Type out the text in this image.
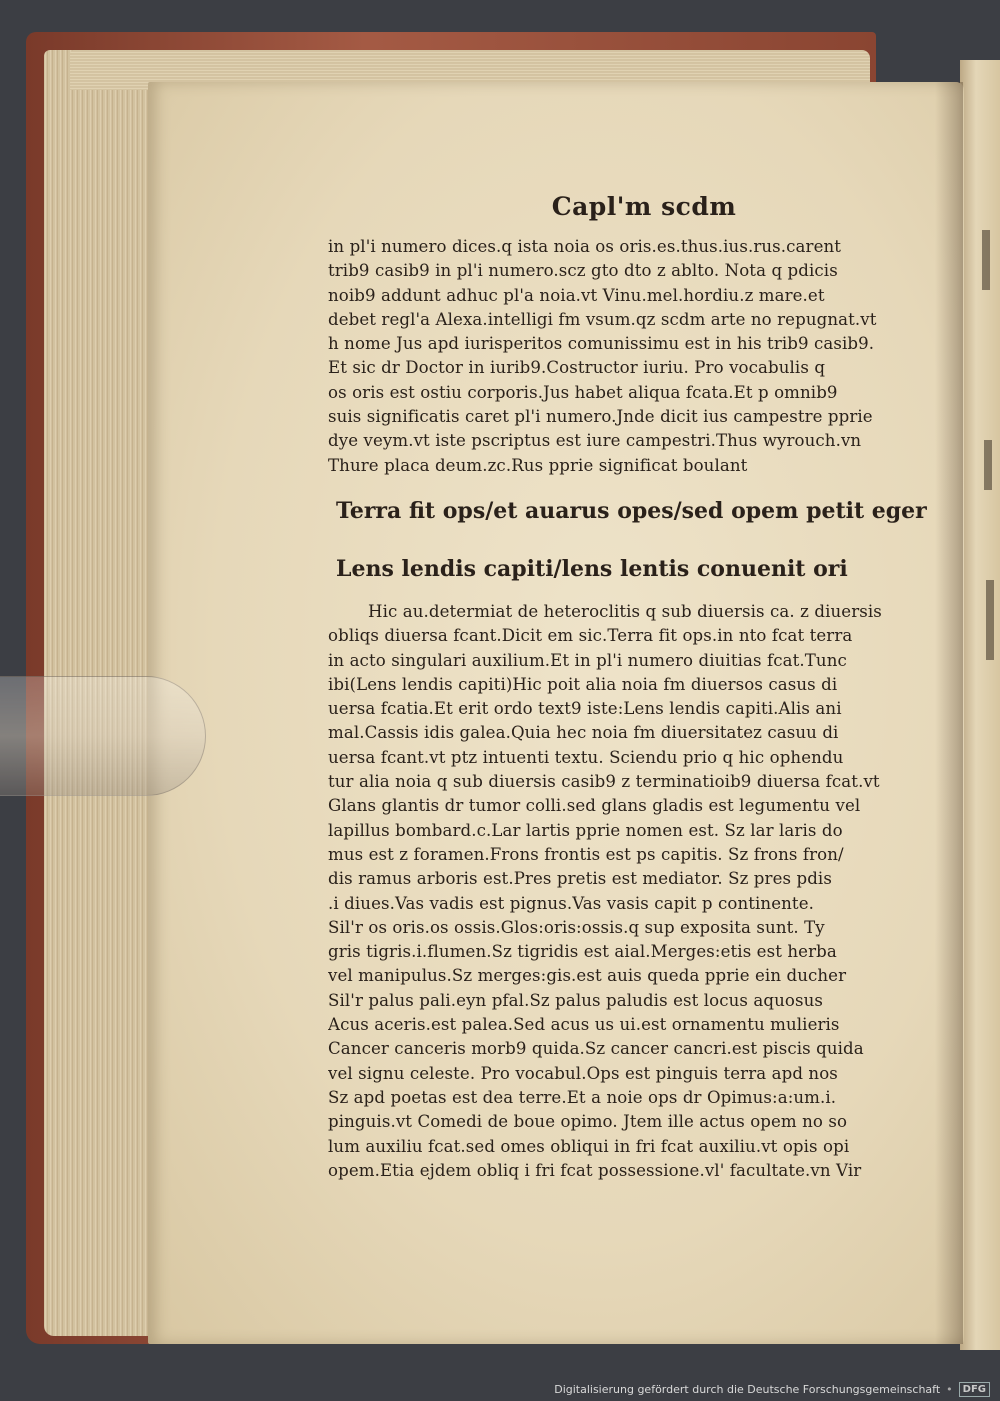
Capl'm scdm
in pl'i numero dices.q ista noia os oris.es.thus.ius.rus.carent
trib9 casib9 in pl'i numero.scz gto dto z ablto. Nota q pdicis
noib9 addunt adhuc pl'a noia.vt Vinu.mel.hordiu.z mare.et
debet regl'a Alexa.intelligi fm vsum.qz scdm arte no repugnat.vt
h nome Jus apd iurisperitos comunissimu est in his trib9 casib9.
Et sic dr Doctor in iurib9.Costructor iuriu. Pro vocabulis q
os oris est ostiu corporis.Jus habet aliqua fcata.Et p omnib9
suis significatis caret pl'i numero.Jnde dicit ius campestre pprie
dye veym.vt iste pscriptus est iure campestri.Thus wyrouch.vn
Thure placa deum.zc.Rus pprie significat boulant
Terra fit ops/et auarus opes/sed opem petit eger
Lens lendis capiti/lens lentis conuenit ori
Hic au.determiat de heteroclitis q sub diuersis ca. z diuersis
obliqs diuersa fcant.Dicit em sic.Terra fit ops.in nto fcat terra
in acto singulari auxilium.Et in pl'i numero diuitias fcat.Tunc
ibi(Lens lendis capiti)Hic poit alia noia fm diuersos casus di
uersa fcatia.Et erit ordo text9 iste:Lens lendis capiti.Alis ani
mal.Cassis idis galea.Quia hec noia fm diuersitatez casuu di
uersa fcant.vt ptz intuenti textu. Sciendu prio q hic ophendu
tur alia noia q sub diuersis casib9 z terminatioib9 diuersa fcat.vt
Glans glantis dr tumor colli.sed glans gladis est legumentu vel
lapillus bombard.c.Lar lartis pprie nomen est. Sz lar laris do
mus est z foramen.Frons frontis est ps capitis. Sz frons fron/
dis ramus arboris est.Pres pretis est mediator. Sz pres pdis
.i diues.Vas vadis est pignus.Vas vasis capit p continente.
Sil'r os oris.os ossis.Glos:oris:ossis.q sup exposita sunt. Ty
gris tigris.i.flumen.Sz tigridis est aial.Merges:etis est herba
vel manipulus.Sz merges:gis.est auis queda pprie ein ducher
Sil'r palus pali.eyn pfal.Sz palus paludis est locus aquosus
Acus aceris.est palea.Sed acus us ui.est ornamentu mulieris
Cancer canceris morb9 quida.Sz cancer cancri.est piscis quida
vel signu celeste. Pro vocabul.Ops est pinguis terra apd nos
Sz apd poetas est dea terre.Et a noie ops dr Opimus:a:um.i.
pinguis.vt Comedi de boue opimo. Jtem ille actus opem no so
lum auxiliu fcat.sed omes obliqui in fri fcat auxiliu.vt opis opi
opem.Etia ejdem obliq i fri fcat possessione.vl' facultate.vn Vir
Digitalisierung gefördert durch die Deutsche Forschungsgemeinschaft •	DFG
